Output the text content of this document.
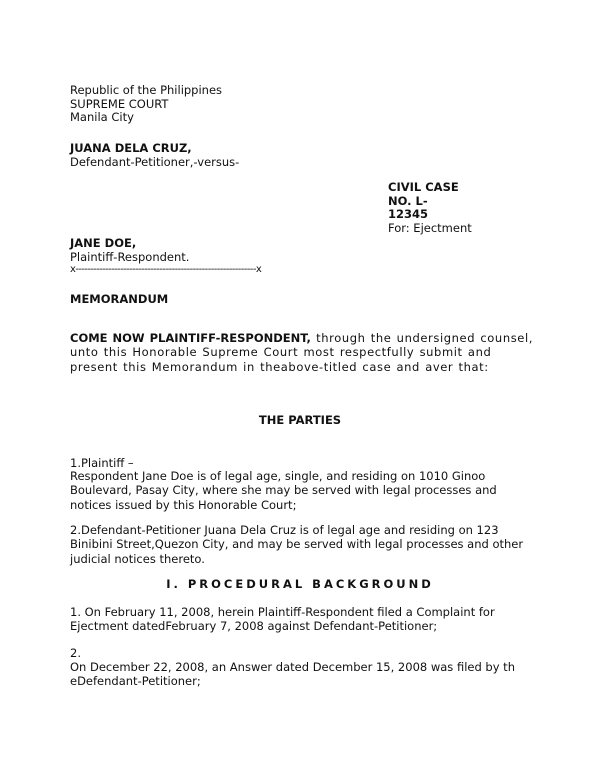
Republic of the Philippines
SUPREME COURT
Manila City
JUANA DELA CRUZ,
Defendant-Petitioner,-versus-
CIVIL CASE NO. L-
12345
For: Ejectment
JANE DOE,
Plaintiff-Respondent.
x------------------------------------------------------------x
MEMORANDUM
COME NOW PLAINTIFF-RESPONDENT, through the undersigned counsel, unto this Honorable Supreme Court most respectfully submit and present this Memorandum in theabove-titled case and aver that:
THE PARTIES
1.Plaintiff –
Respondent Jane Doe is of legal age, single, and residing on 1010 Ginoo Boulevard, Pasay City, where she may be served with legal processes and notices issued by this Honorable Court;
2.Defendant-Petitioner Juana Dela Cruz is of legal age and residing on 123 Binibini Street,Quezon City, and may be served with legal processes and other judicial notices thereto.
I. PROCEDURAL BACKGROUND
1. On February 11, 2008, herein Plaintiff-Respondent filed a Complaint for Ejectment datedFebruary 7, 2008 against Defendant-Petitioner;
2.
On December 22, 2008, an Answer dated December 15, 2008 was filed by th eDefendant-Petitioner;
